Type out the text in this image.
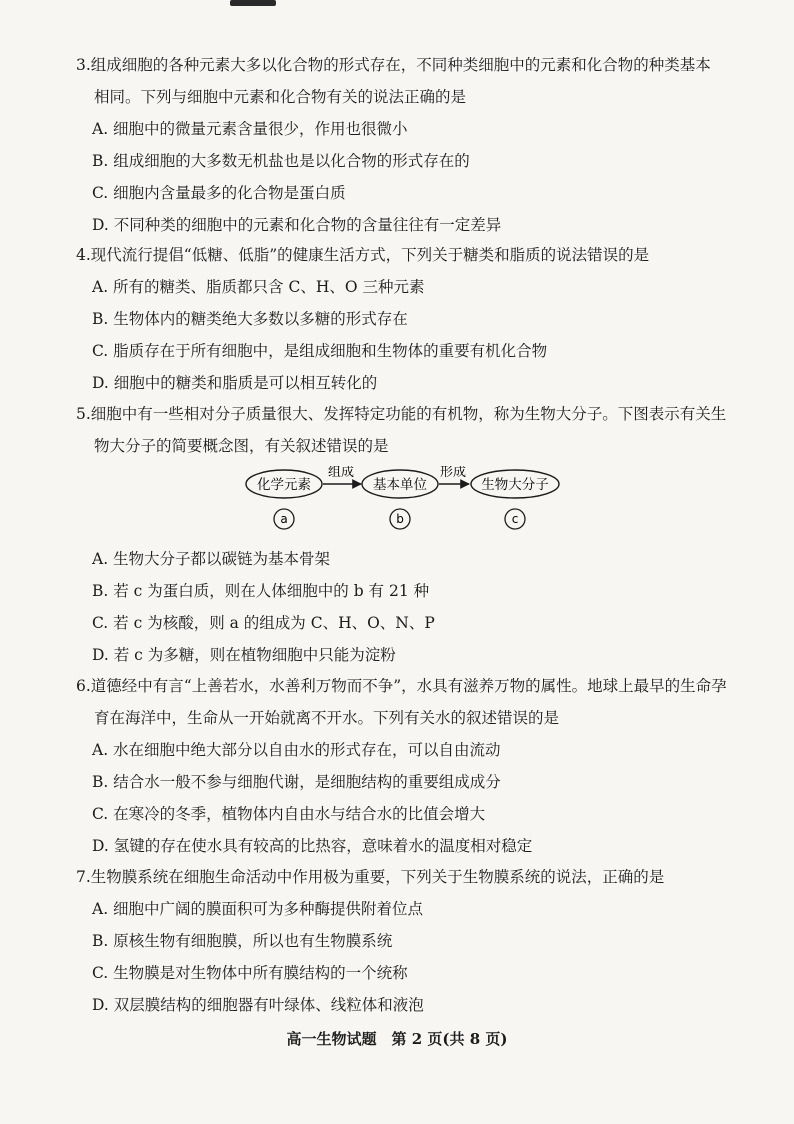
3.组成细胞的各种元素大多以化合物的形式存在，不同种类细胞中的元素和化合物的种类基本

相同。下列与细胞中元素和化合物有关的说法正确的是

A. 细胞中的微量元素含量很少，作用也很微小

B. 组成细胞的大多数无机盐也是以化合物的形式存在的

C. 细胞内含量最多的化合物是蛋白质

D. 不同种类的细胞中的元素和化合物的含量往往有一定差异

4.现代流行提倡“低糖、低脂”的健康生活方式，下列关于糖类和脂质的说法错误的是

A. 所有的糖类、脂质都只含 C、H、O 三种元素

B. 生物体内的糖类绝大多数以多糖的形式存在

C. 脂质存在于所有细胞中，是组成细胞和生物体的重要有机化合物

D. 细胞中的糖类和脂质是可以相互转化的

5.细胞中有一些相对分子质量很大、发挥特定功能的有机物，称为生物大分子。下图表示有关生

物大分子的简要概念图，有关叙述错误的是

化学元素
组成
基本单位
形成
生物大分子
a	b	c

A. 生物大分子都以碳链为基本骨架

B. 若 c 为蛋白质，则在人体细胞中的 b 有 21 种

C. 若 c 为核酸，则 a 的组成为 C、H、O、N、P

D. 若 c 为多糖，则在植物细胞中只能为淀粉

6.道德经中有言“上善若水，水善利万物而不争”，水具有滋养万物的属性。地球上最早的生命孕

育在海洋中，生命从一开始就离不开水。下列有关水的叙述错误的是

A. 水在细胞中绝大部分以自由水的形式存在，可以自由流动

B. 结合水一般不参与细胞代谢，是细胞结构的重要组成成分

C. 在寒冷的冬季，植物体内自由水与结合水的比值会增大

D. 氢键的存在使水具有较高的比热容，意味着水的温度相对稳定

7.生物膜系统在细胞生命活动中作用极为重要，下列关于生物膜系统的说法，正确的是

A. 细胞中广阔的膜面积可为多种酶提供附着位点

B. 原核生物有细胞膜，所以也有生物膜系统

C. 生物膜是对生物体中所有膜结构的一个统称

D. 双层膜结构的细胞器有叶绿体、线粒体和液泡

高一生物试题　第 2 页(共 8 页)
